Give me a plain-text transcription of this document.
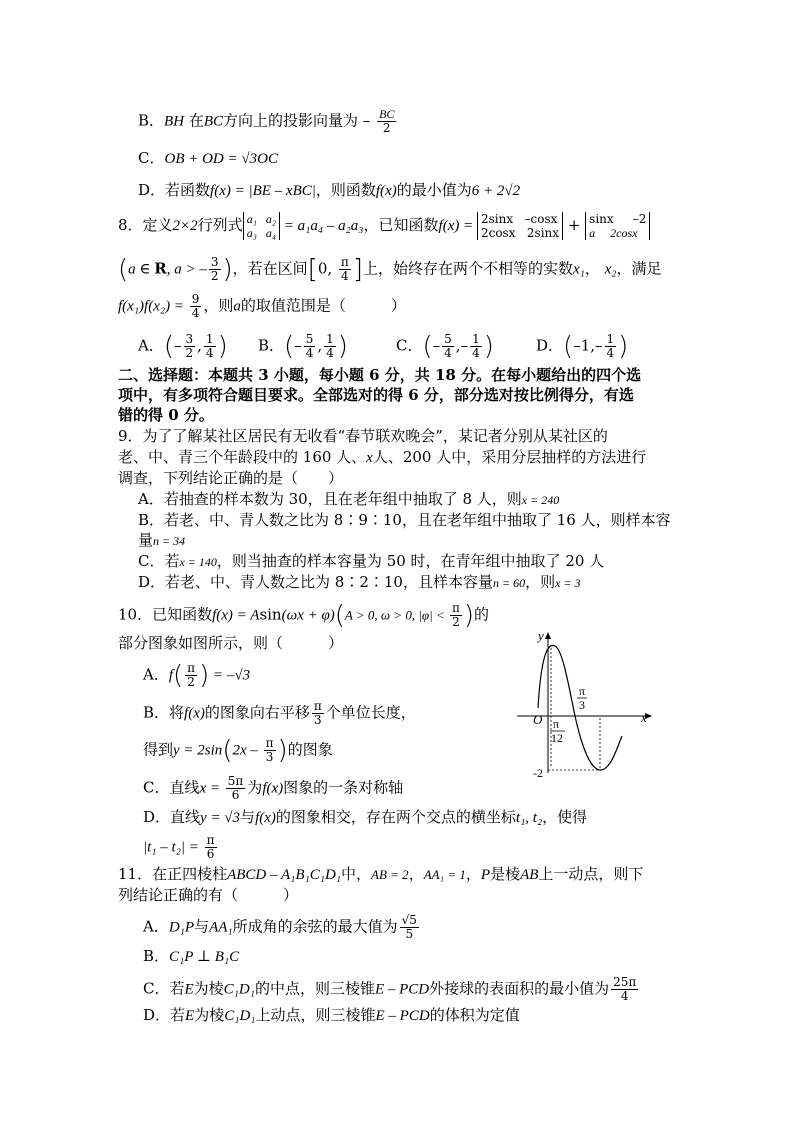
B．BH 在BC方向上的投影向量为 – $\frac{BC}{2}$
C．OB + OD = √3OC
D．若函数f(x) = |BE – xBC|，则函数f(x)的最小值为6 + 2√2
8．定义2×2行列式 a₁   a₂
a₃   a₄ = a₁a₄ – a₂a₃，已知函数f(x) = 2sinx   –cosx
2cosx   2sinx + sinx     –2
a     2cosx
(a ∈ R, a > – $\frac{3}{2}$ )，若在区间[0, $\frac{\pi}{4}$ ]上，始终存在两个不相等的实数x₁， x₂，满足
$f(x_1)f(x_2) = \frac{9}{4}$ ，则a的取值范围是（　　　）
A．(– $\frac{3}{2}$ , $\frac{1}{4}$ ) B．(– $\frac{5}{4}$ , $\frac{1}{4}$ )	C．(– $\frac{5}{4}$ ,– $\frac{1}{4}$ )	D．($-1,- \frac{1}{4}$ )
二、选择题：本题共 3 小题，每小题 6 分，共 18 分。在每小题给出的四个选
项中，有多项符合题目要求。全部选对的得 6 分，部分选对按比例得分，有选
错的得 0 分。
9．为了了解某社区居民有无收看“春节联欢晚会”，某记者分别从某社区的
老、中、青三个年龄段中的 160 人、x人、200 人中，采用分层抽样的方法进行
调查，下列结论正确的是（　　）
A．若抽查的样本数为 30，且在老年组中抽取了 8 人，则x = 240
B．若老、中、青人数之比为 8∶9∶10，且在老年组中抽取了 16 人，则样本容
量n = 34
C．若x = 140，则当抽查的样本容量为 50 时，在青年组中抽取了 20 人
D．若老、中、青人数之比为 8∶2∶10，且样本容量n = 60，则x = 3
10．已知函数f(x) = Asin(ωx + φ)(A > 0, ω > 0, $|\varphi| < \frac{\pi}{2}$ )的
部分图象如图所示，则（　　　）
A．$f( \frac{\pi}{2}$ ) = –√3
B．将f(x)的图象向右平移 $\frac{\pi}{3}$ 个单位长度，
得到$y = 2\sin(2x - \frac{\pi}{3}$ )的图象
C．直线$x = \frac{5\pi}{6}$ 为f(x)图象的一条对称轴
D．直线y = √3与f(x)的图象相交，存在两个交点的横坐标t₁, t₂，使得
$|t_1 - t_2| = \frac{\pi}{6}$
y
x
O
π
3
π
12
-2
11．在正四棱柱ABCD – A₁B₁C₁D₁中，AB = 2，AA₁ = 1，P是棱AB上一动点，则下
列结论正确的有（　　　）
A．D₁P与AA₁所成角的余弦的最大值为 $\frac{√5}{5}$
B．C₁P ⊥ B₁C
C．若E为棱C₁D₁的中点，则三棱锥E – PCD外接球的表面积的最小值为 $\frac{25\pi}{4}$
D．若E为棱C₁D₁上动点，则三棱锥E – PCD的体积为定值
